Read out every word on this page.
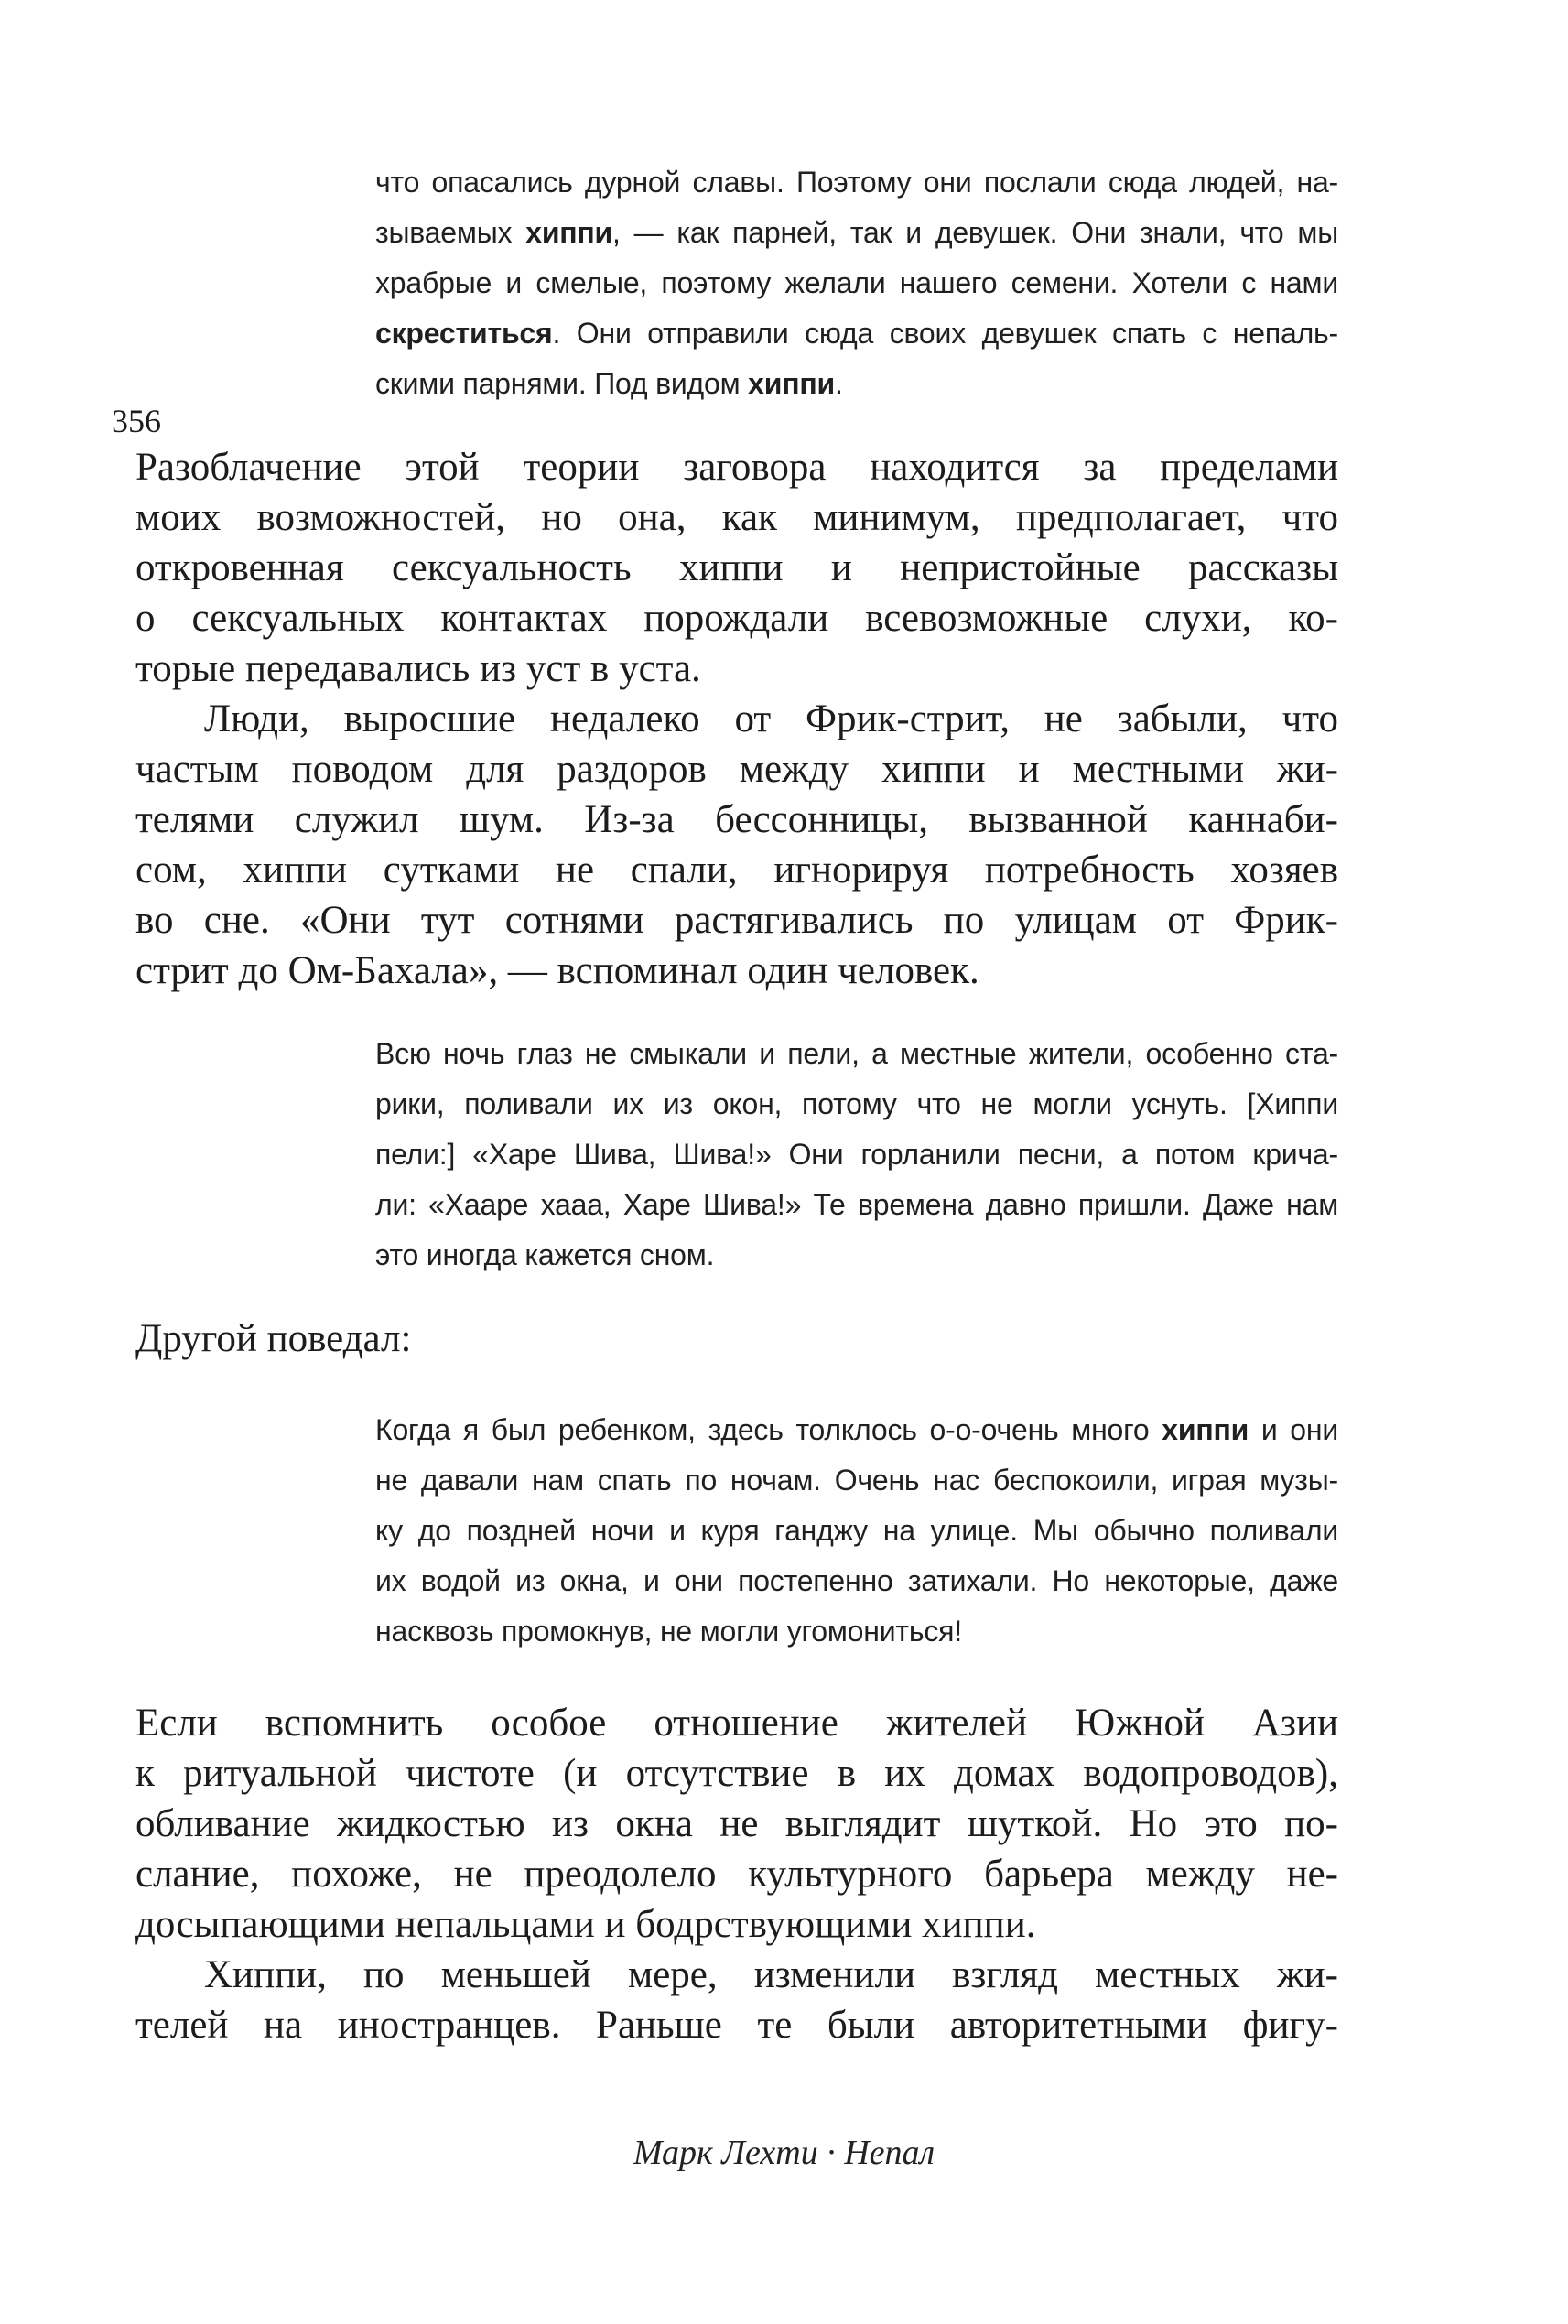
356
что опасались дурной славы. Поэтому они послали сюда людей, на-
зываемых хиппи, — как парней, так и девушек. Они знали, что мы
храбрые и смелые, поэтому желали нашего семени. Хотели с нами
скреститься. Они отправили сюда своих девушек спать с непаль-
скими парнями. Под видом хиппи.
Разоблачение этой теории заговора находится за пределами
моих возможностей, но она, как минимум, предполагает, что
откровенная сексуальность хиппи и непристойные рассказы
о сексуальных контактах порождали всевозможные слухи, ко-
торые передавались из уст в уста.
Люди, выросшие недалеко от Фрик-стрит, не забыли, что
частым поводом для раздоров между хиппи и местными жи-
телями служил шум. Из-за бессонницы, вызванной каннаби-
сом, хиппи сутками не спали, игнорируя потребность хозяев
во сне. «Они тут сотнями растягивались по улицам от Фрик-
стрит до Ом-Бахала», — вспоминал один человек.
Всю ночь глаз не смыкали и пели, а местные жители, особенно ста-
рики, поливали их из окон, потому что не могли уснуть. [Хиппи
пели:] «Харе Шива, Шива!» Они горланили песни, а потом крича-
ли: «Хааре хааа, Харе Шива!» Те времена давно пришли. Даже нам
это иногда кажется сном.
Другой поведал:
Когда я был ребенком, здесь толклось о-о-очень много хиппи и они
не давали нам спать по ночам. Очень нас беспокоили, играя музы-
ку до поздней ночи и куря ганджу на улице. Мы обычно поливали
их водой из окна, и они постепенно затихали. Но некоторые, даже
насквозь промокнув, не могли угомониться!
Если вспомнить особое отношение жителей Южной Азии
к ритуальной чистоте (и отсутствие в их домах водопроводов),
обливание жидкостью из окна не выглядит шуткой. Но это по-
слание, похоже, не преодолело культурного барьера между не-
досыпающими непальцами и бодрствующими хиппи.
Хиппи, по меньшей мере, изменили взгляд местных жи-
телей на иностранцев. Раньше те были авторитетными фигу-
Марк Лехти · Непал
